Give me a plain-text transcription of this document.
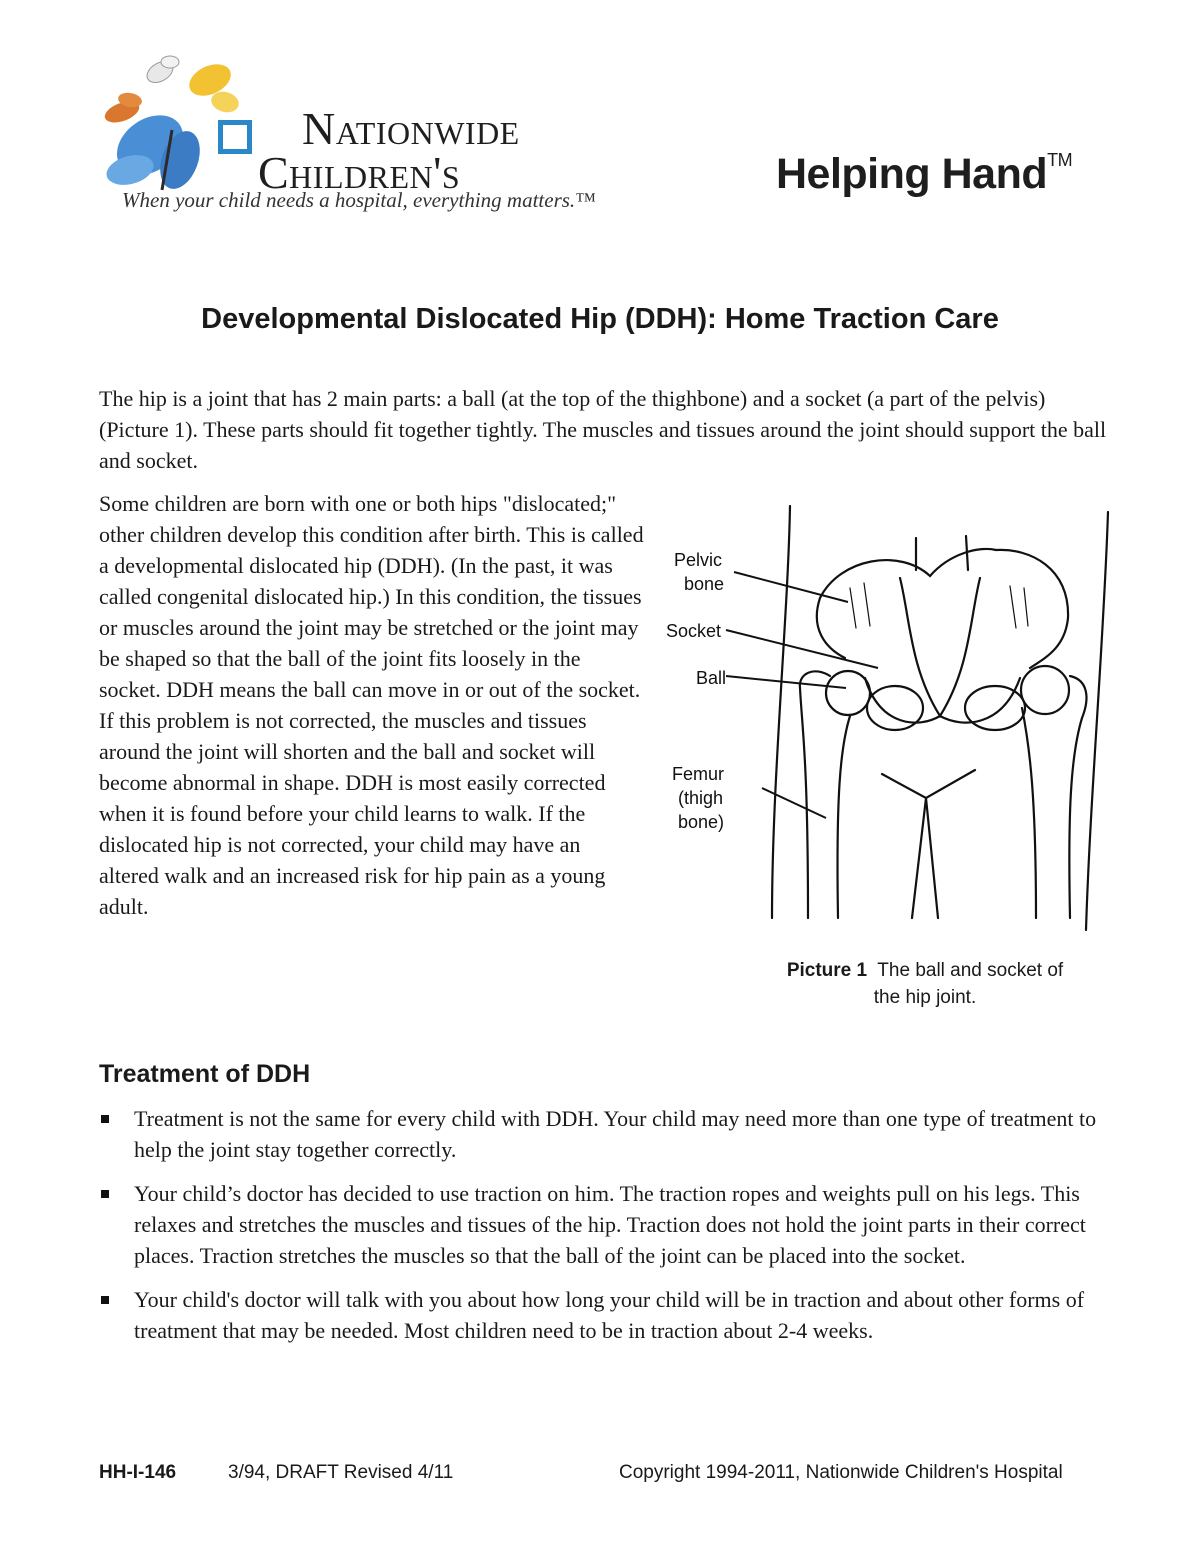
Nationwide
Children's
When your child needs a hospital, everything matters.™
Helping Hand™
Developmental Dislocated Hip (DDH): Home Traction Care

The hip is a joint that has 2 main parts: a ball (at the top of the thighbone) and a socket (a part of the pelvis) (Picture 1). These parts should fit together tightly. The muscles and tissues around the joint should support the ball and socket.

Some children are born with one or both hips "dislocated;" other children develop this condition after birth. This is called a developmental dislocated hip (DDH). (In the past, it was called congenital dislocated hip.) In this condition, the tissues or muscles around the joint may be stretched or the joint may be shaped so that the ball of the joint fits loosely in the socket. DDH means the ball can move in or out of the socket. If this problem is not corrected, the muscles and tissues around the joint will shorten and the ball and socket will become abnormal in shape. DDH is most easily corrected when it is found before your child learns to walk. If the dislocated hip is not corrected, your child may have an altered walk and an increased risk for hip pain as a young adult.

Pelvic
bone
Socket
Ball
Femur
(thigh
bone)
Picture 1 The ball and socket of the hip joint.
Treatment of DDH
Treatment is not the same for every child with DDH. Your child may need more than one type of treatment to help the joint stay together correctly.
Your child’s doctor has decided to use traction on him. The traction ropes and weights pull on his legs. This relaxes and stretches the muscles and tissues of the hip. Traction does not hold the joint parts in their correct places. Traction stretches the muscles so that the ball of the joint can be placed into the socket.
Your child's doctor will talk with you about how long your child will be in traction and about other forms of treatment that may be needed. Most children need to be in traction about 2-4 weeks.
HH-I-146	3/94, DRAFT Revised 4/11	Copyright 1994-2011, Nationwide Children's Hospital
